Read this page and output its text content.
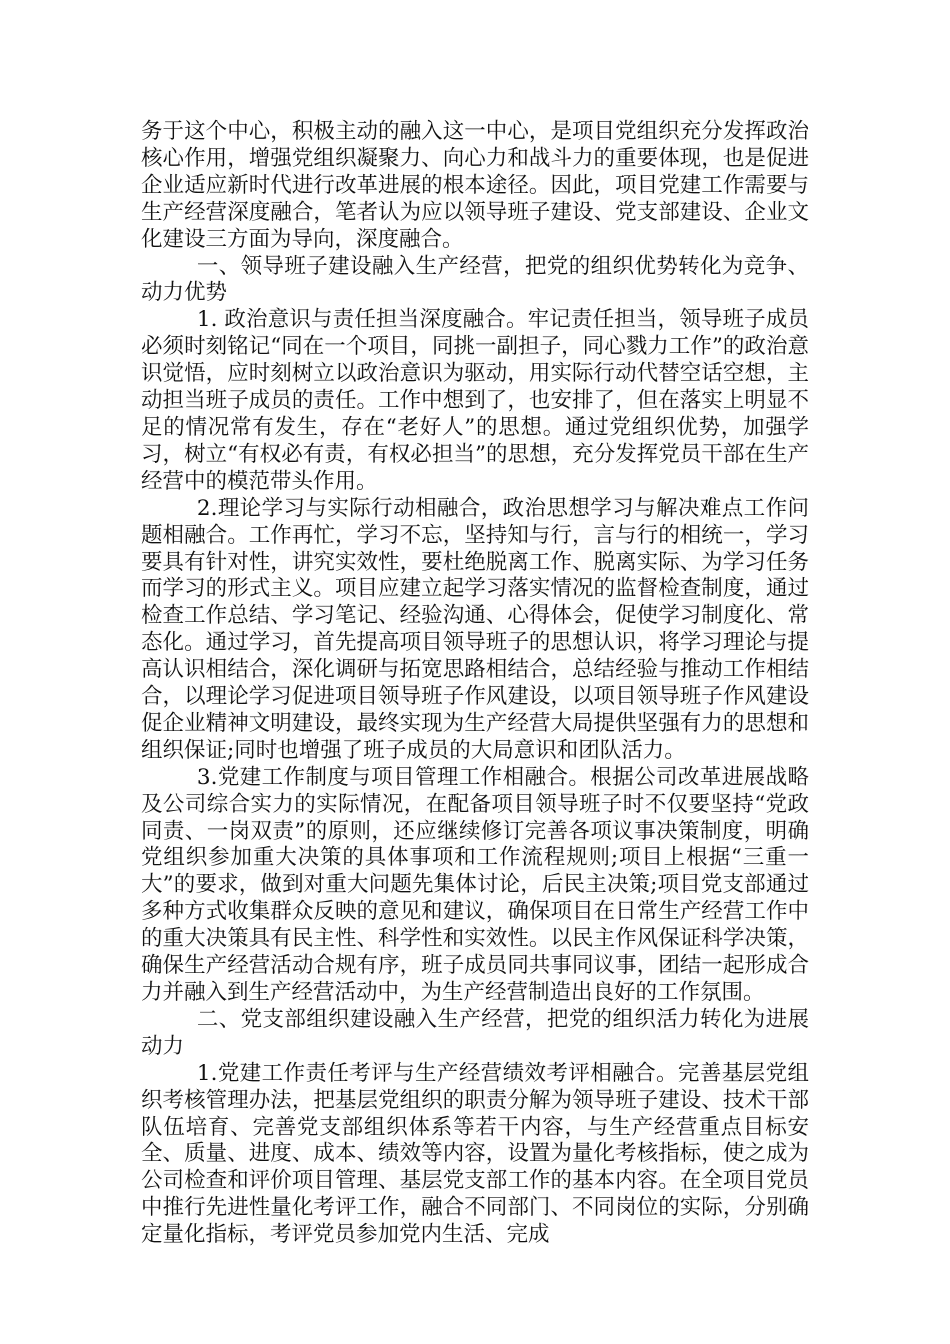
务于这个中心，积极主动的融入这一中心，是项目党组织充分发挥政治核心作用，增强党组织凝聚力、向心力和战斗力的重要体现，也是促进企业适应新时代进行改革进展的根本途径。因此，项目党建工作需要与生产经营深度融合，笔者认为应以领导班子建设、党支部建设、企业文化建设三方面为导向，深度融合。

一、领导班子建设融入生产经营，把党的组织优势转化为竞争、动力优势

1. 政治意识与责任担当深度融合。牢记责任担当，领导班子成员必须时刻铭记“同在一个项目，同挑一副担子，同心戮力工作”的政治意识觉悟，应时刻树立以政治意识为驱动，用实际行动代替空话空想，主动担当班子成员的责任。工作中想到了，也安排了，但在落实上明显不足的情况常有发生，存在“老好人”的思想。通过党组织优势，加强学习，树立“有权必有责，有权必担当”的思想，充分发挥党员干部在生产经营中的模范带头作用。

2.理论学习与实际行动相融合，政治思想学习与解决难点工作问题相融合。工作再忙，学习不忘，坚持知与行，言与行的相统一，学习要具有针对性，讲究实效性，要杜绝脱离工作、脱离实际、为学习任务而学习的形式主义。项目应建立起学习落实情况的监督检查制度，通过检查工作总结、学习笔记、经验沟通、心得体会，促使学习制度化、常态化。通过学习，首先提高项目领导班子的思想认识，将学习理论与提高认识相结合，深化调研与拓宽思路相结合，总结经验与推动工作相结合，以理论学习促进项目领导班子作风建设，以项目领导班子作风建设促企业精神文明建设，最终实现为生产经营大局提供坚强有力的思想和组织保证;同时也增强了班子成员的大局意识和团队活力。

3.党建工作制度与项目管理工作相融合。根据公司改革进展战略及公司综合实力的实际情况，在配备项目领导班子时不仅要坚持“党政同责、一岗双责”的原则，还应继续修订完善各项议事决策制度，明确党组织参加重大决策的具体事项和工作流程规则;项目上根据“三重一大”的要求，做到对重大问题先集体讨论，后民主决策;项目党支部通过多种方式收集群众反映的意见和建议，确保项目在日常生产经营工作中的重大决策具有民主性、科学性和实效性。以民主作风保证科学决策，确保生产经营活动合规有序，班子成员同共事同议事，团结一起形成合力并融入到生产经营活动中，为生产经营制造出良好的工作氛围。

二、党支部组织建设融入生产经营，把党的组织活力转化为进展动力

1.党建工作责任考评与生产经营绩效考评相融合。完善基层党组织考核管理办法，把基层党组织的职责分解为领导班子建设、技术干部队伍培育、完善党支部组织体系等若干内容，与生产经营重点目标安全、质量、进度、成本、绩效等内容，设置为量化考核指标，使之成为公司检查和评价项目管理、基层党支部工作的基本内容。在全项目党员中推行先进性量化考评工作，融合不同部门、不同岗位的实际，分别确定量化指标，考评党员参加党内生活、完成
